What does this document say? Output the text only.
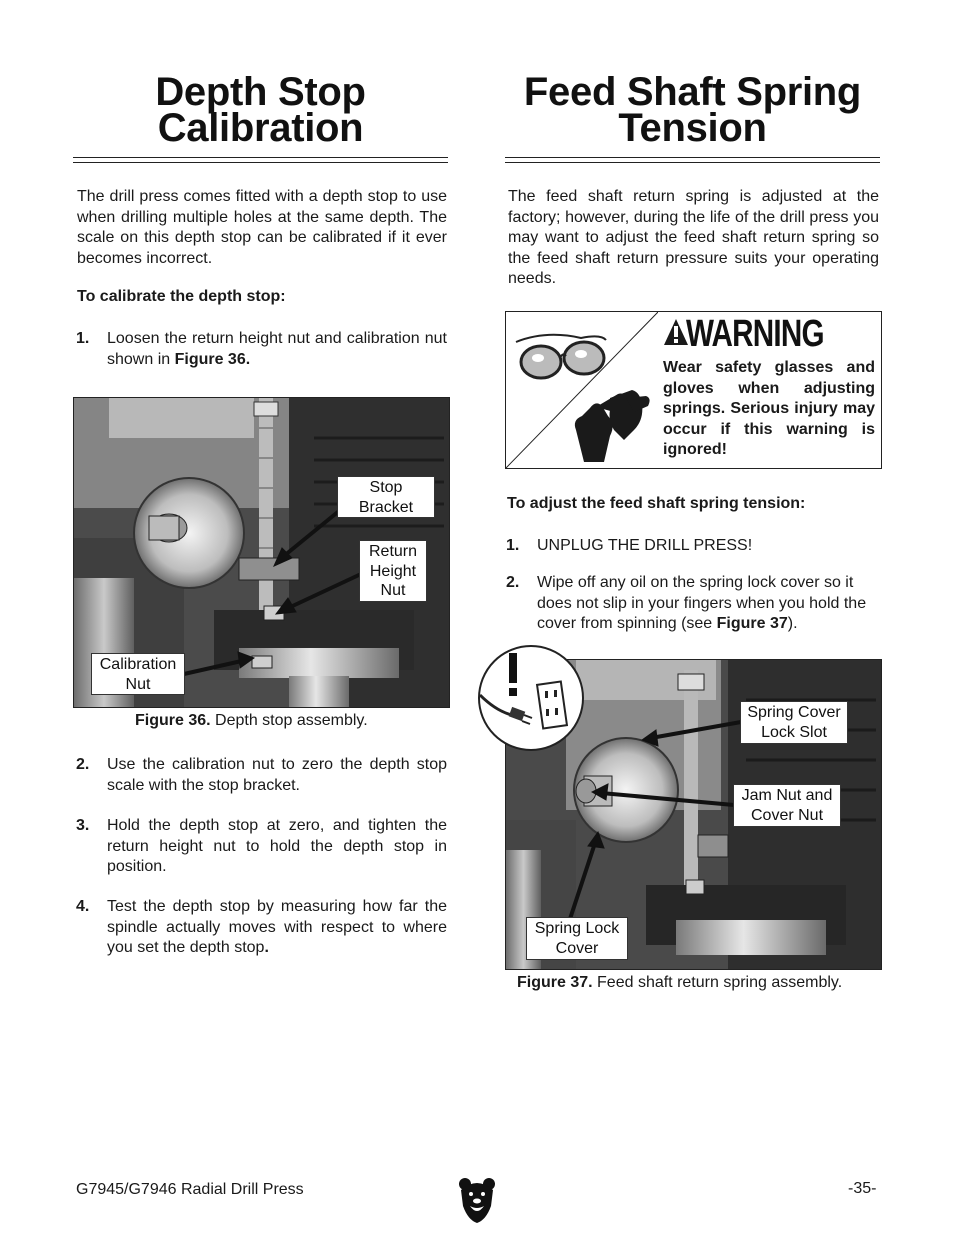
Depth Stop
Calibration
The drill press comes fitted with a depth stop to use when drilling multiple holes at the same depth. The scale on this depth stop can be calibrated if it ever becomes incorrect.
To calibrate the depth stop:
1. Loosen the return height nut and calibration nut shown in Figure 36.
Stop Bracket
Return Height Nut
Calibration Nut
Figure 36. Depth stop assembly.
2. Use the calibration nut to zero the depth stop scale with the stop bracket.
3. Hold the depth stop at zero, and tighten the return height nut to hold the depth stop in position.
4. Test the depth stop by measuring how far the spindle actually moves with respect to where you set the depth stop.
Feed Shaft Spring
Tension
The feed shaft return spring is adjusted at the factory; however, during the life of the drill press you may want to adjust the feed shaft return spring so the feed shaft return pressure suits your operating needs.
WARNING
Wear safety glasses and gloves when adjusting springs. Serious injury may occur if this warning is ignored!
To adjust the feed shaft spring tension:
1. UNPLUG THE DRILL PRESS!
2. Wipe off any oil on the spring lock cover so it does not slip in your fingers when you hold the cover from spinning (see Figure 37).
Spring Cover Lock Slot
Jam Nut and Cover Nut
Spring Lock Cover
Figure 37. Feed shaft return spring assembly.
G7945/G7946 Radial Drill Press	-35-
